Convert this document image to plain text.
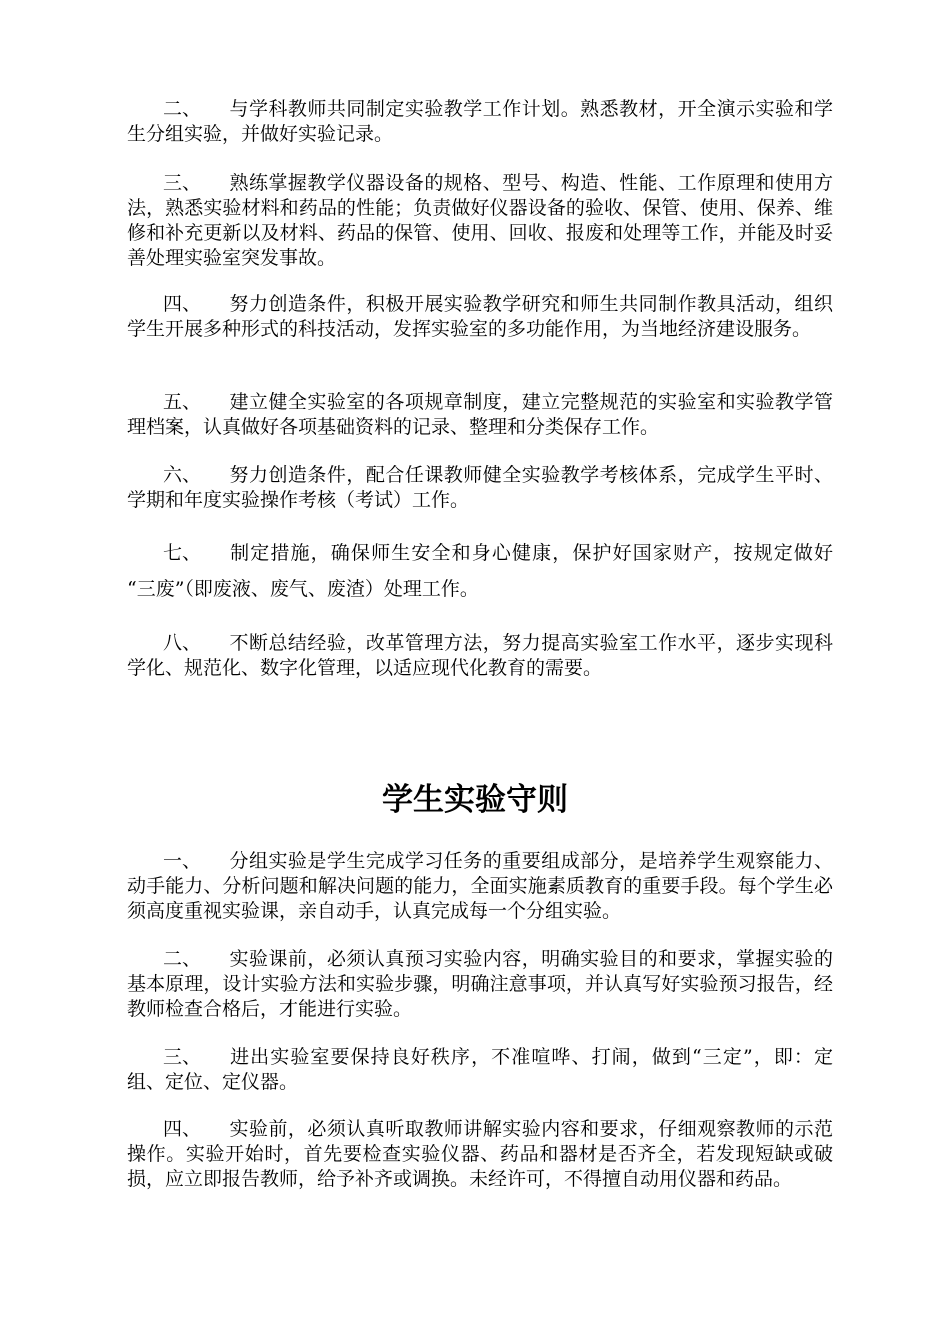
二、 与学科教师共同制定实验教学工作计划。熟悉教材，开全演示实验和学生分组实验，并做好实验记录。

三、 熟练掌握教学仪器设备的规格、型号、构造、性能、工作原理和使用方法，熟悉实验材料和药品的性能；负责做好仪器设备的验收、保管、使用、保养、维修和补充更新以及材料、药品的保管、使用、回收、报废和处理等工作，并能及时妥善处理实验室突发事故。

四、 努力创造条件，积极开展实验教学研究和师生共同制作教具活动，组织学生开展多种形式的科技活动，发挥实验室的多功能作用，为当地经济建设服务。

五、 建立健全实验室的各项规章制度，建立完整规范的实验室和实验教学管理档案，认真做好各项基础资料的记录、整理和分类保存工作。

六、 努力创造条件，配合任课教师健全实验教学考核体系，完成学生平时、学期和年度实验操作考核（考试）工作。

七、 制定措施，确保师生安全和身心健康，保护好国家财产，按规定做好 “三废”（即废液、废气、废渣）处理工作。

八、 不断总结经验，改革管理方法，努力提高实验室工作水平，逐步实现科学化、规范化、数字化管理，以适应现代化教育的需要。

学生实验守则

一、 分组实验是学生完成学习任务的重要组成部分，是培养学生观察能力、动手能力、分析问题和解决问题的能力，全面实施素质教育的重要手段。每个学生必须高度重视实验课，亲自动手，认真完成每一个分组实验。

二、 实验课前，必须认真预习实验内容，明确实验目的和要求，掌握实验的基本原理，设计实验方法和实验步骤，明确注意事项，并认真写好实验预习报告，经教师检查合格后，才能进行实验。

三、 进出实验室要保持良好秩序，不准喧哗、打闹，做到“三定”，即：定组、定位、定仪器。

四、 实验前，必须认真听取教师讲解实验内容和要求，仔细观察教师的示范操作。实验开始时，首先要检查实验仪器、药品和器材是否齐全，若发现短缺或破损，应立即报告教师，给予补齐或调换。未经许可，不得擅自动用仪器和药品。
